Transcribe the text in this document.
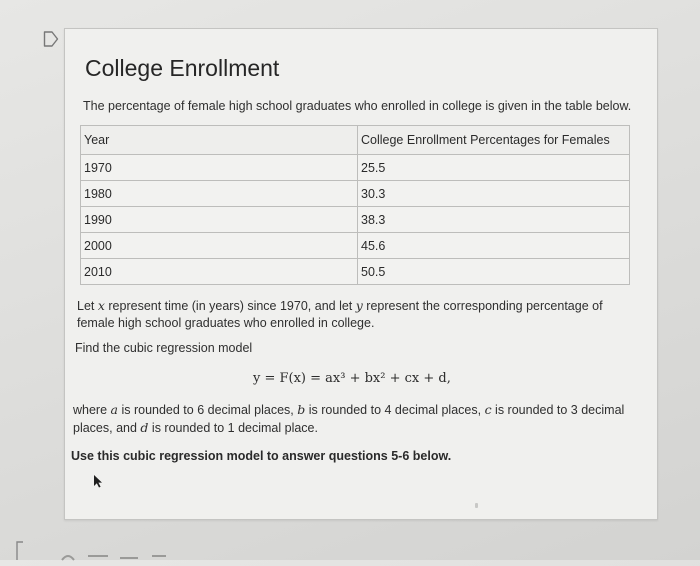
College Enrollment
The percentage of female high school graduates who enrolled in college is given in the table below.
Year	College Enrollment Percentages for Females
1970	25.5
1980	30.3
1990	38.3
2000	45.6
2010	50.5
Let x represent time (in years) since 1970, and let y represent the corresponding percentage of female high school graduates who enrolled in college.
Find the cubic regression model
y = F(x) = ax³ + bx² + cx + d,
where a is rounded to 6 decimal places, b is rounded to 4 decimal places, c is rounded to 3 decimal places, and d is rounded to 1 decimal place.
Use this cubic regression model to answer questions 5-6 below.
